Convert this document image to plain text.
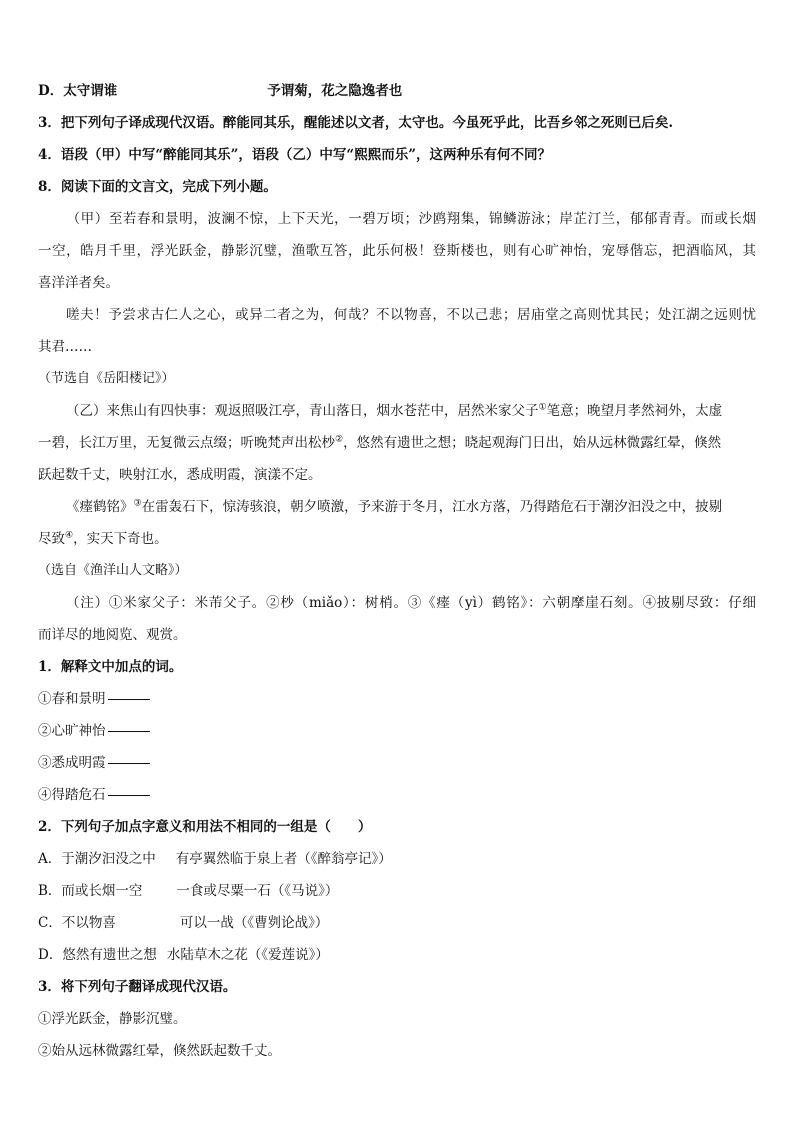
D．太守谓谁	予谓菊，花之隐逸者也
3．把下列句子译成现代汉语。醉能同其乐，醒能述以文者，太守也。今虽死乎此，比吾乡邻之死则已后矣.
4．语段（甲）中写“醉能同其乐”，语段（乙）中写“熙熙而乐”，这两种乐有何不同？
8．阅读下面的文言文，完成下列小题。
（甲）至若春和景明，波澜不惊，上下天光，一碧万顷；沙鸥翔集，锦鳞游泳；岸芷汀兰，郁郁青青。而或长烟
一空，皓月千里，浮光跃金，静影沉璧，渔歌互答，此乐何极！登斯楼也，则有心旷神怡，宠辱偕忘，把酒临风，其
喜洋洋者矣。
嗟夫！予尝求古仁人之心，或异二者之为，何哉？不以物喜，不以己悲；居庙堂之高则忧其民；处江湖之远则忧
其君……
（节选自《岳阳楼记》）
（乙）来焦山有四快事：观返照吸江亭，青山落日，烟水苍茫中，居然米家父子①笔意；晚望月孝然祠外，太虚
一碧，长江万里，无复微云点缀；听晚梵声出松杪②，悠然有遗世之想；晓起观海门日出，始从远林微露红晕，倏然
跃起数千丈，映射江水，悉成明霞，演漾不定。
《瘗鹤铭》③在雷轰石下，惊涛骇浪，朝夕喷激，予来游于冬月，江水方落，乃得踏危石于潮汐汩没之中，披剔
尽致④，实天下奇也。
（选自《渔洋山人文略》）
（注）①米家父子：米芾父子。②杪（miǎo）：树梢。③《瘗（yì）鹤铭》：六朝摩崖石刻。④披剔尽致：仔细
而详尽的地阅览、观赏。
1．解释文中加点的词。
①春和景明
②心旷神怡
③悉成明霞
④得踏危石
2．下列句子加点字意义和用法不相同的一组是（　　）
A．于潮汐汩没之中 有亭翼然临于泉上者（《醉翁亭记》）
B．而或长烟一空	一食或尽粟一石（《马说》）
C．不以物喜	可以一战（《曹刿论战》）
D．悠然有遗世之想 水陆草木之花（《爱莲说》）
3．将下列句子翻译成现代汉语。
①浮光跃金，静影沉璧。
②始从远林微露红晕，倏然跃起数千丈。
